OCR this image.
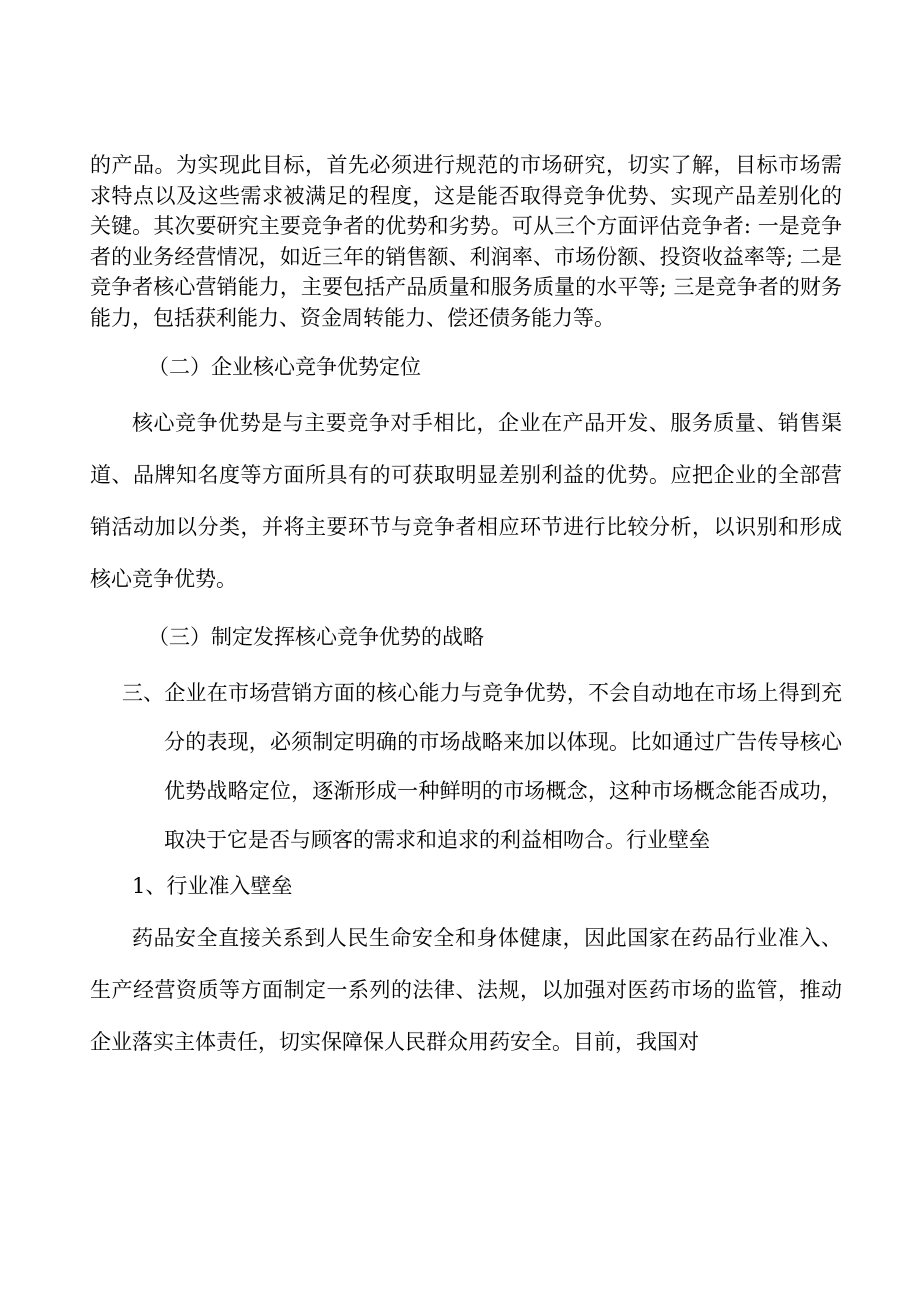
的产品。为实现此目标，首先必须进行规范的市场研究，切实了解，目标市场需求特点以及这些需求被满足的程度，这是能否取得竞争优势、实现产品差别化的关键。其次要研究主要竞争者的优势和劣势。可从三个方面评估竞争者: 一是竞争者的业务经营情况，如近三年的销售额、利润率、市场份额、投资收益率等; 二是竞争者核心营销能力，主要包括产品质量和服务质量的水平等; 三是竞争者的财务能力，包括获利能力、资金周转能力、偿还债务能力等。

（二）企业核心竞争优势定位

核心竞争优势是与主要竞争对手相比，企业在产品开发、服务质量、销售渠道、品牌知名度等方面所具有的可获取明显差别利益的优势。应把企业的全部营销活动加以分类，并将主要环节与竞争者相应环节进行比较分析，以识别和形成核心竞争优势。

（三）制定发挥核心竞争优势的战略

三、企业在市场营销方面的核心能力与竞争优势，不会自动地在市场上得到充分的表现，必须制定明确的市场战略来加以体现。比如通过广告传导核心优势战略定位，逐渐形成一种鲜明的市场概念，这种市场概念能否成功，取决于它是否与顾客的需求和追求的利益相吻合。行业壁垒

1、行业准入壁垒

药品安全直接关系到人民生命安全和身体健康，因此国家在药品行业准入、生产经营资质等方面制定一系列的法律、法规，以加强对医药市场的监管，推动企业落实主体责任，切实保障保人民群众用药安全。目前，我国对
